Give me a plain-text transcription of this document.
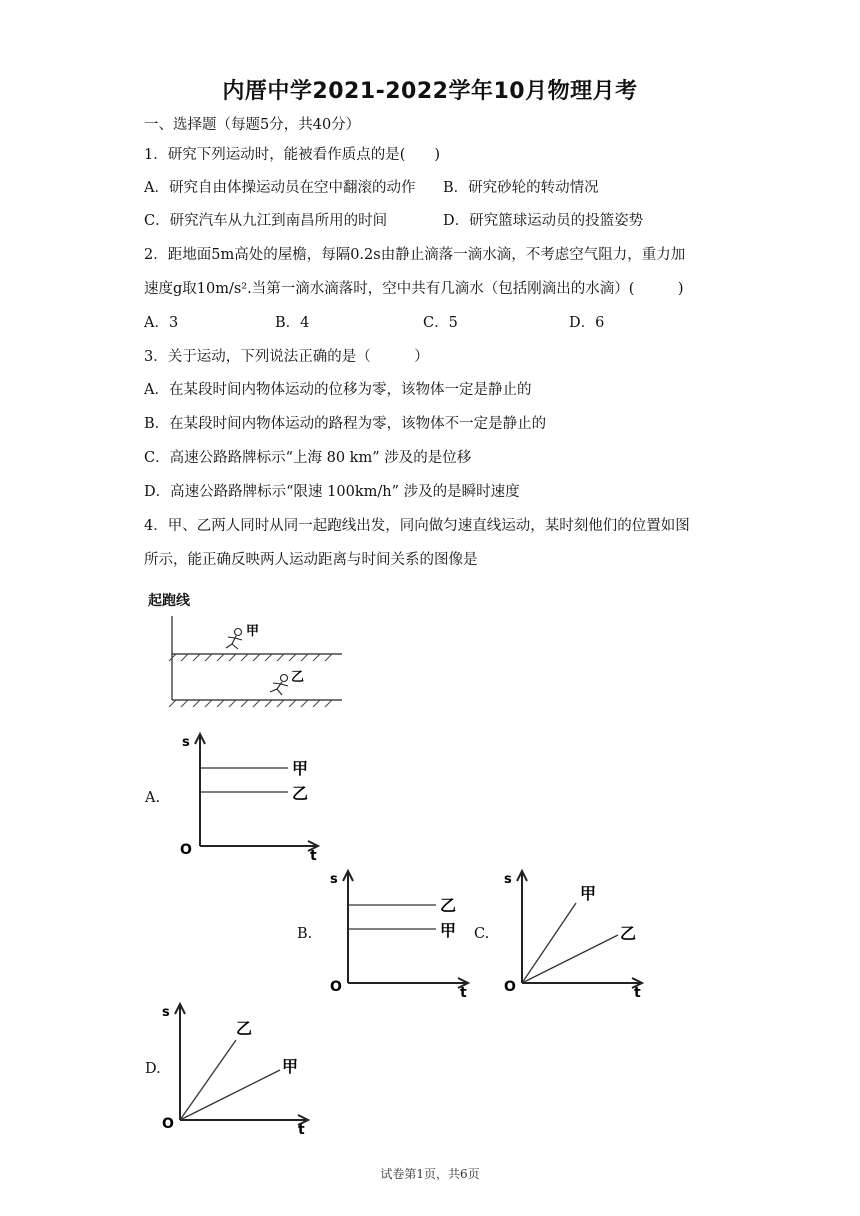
内厝中学2021-2022学年10月物理月考
一、选择题（每题5分，共40分）
1．研究下列运动时，能被看作质点的是(　　)
A．研究自由体操运动员在空中翻滚的动作 B．研究砂轮的转动情况
C．研究汽车从九江到南昌所用的时间	D．研究篮球运动员的投篮姿势
2．距地面5m高处的屋檐，每隔0.2s由静止滴落一滴水滴，不考虑空气阻力，重力加
速度g取10m/s².当第一滴水滴落时，空中共有几滴水（包括刚滴出的水滴）(　　　)
A．3	B．4	C．5	D．6
3．关于运动，下列说法正确的是（　　　）
A．在某段时间内物体运动的位移为零，该物体一定是静止的
B．在某段时间内物体运动的路程为零，该物体不一定是静止的
C．高速公路路牌标示“上海 80 km” 涉及的是位移
D．高速公路路牌标示“限速 100km/h” 涉及的是瞬时速度
4．甲、乙两人同时从同一起跑线出发，同向做匀速直线运动，某时刻他们的位置如图
所示，能正确反映两人运动距离与时间关系的图像是
起跑线
甲
乙
A.
B.	C.
D.
s
O	t
甲
乙
s
O	t
乙
甲
s
O	t
甲
乙
s
O	t
乙
甲
试卷第1页，共6页
